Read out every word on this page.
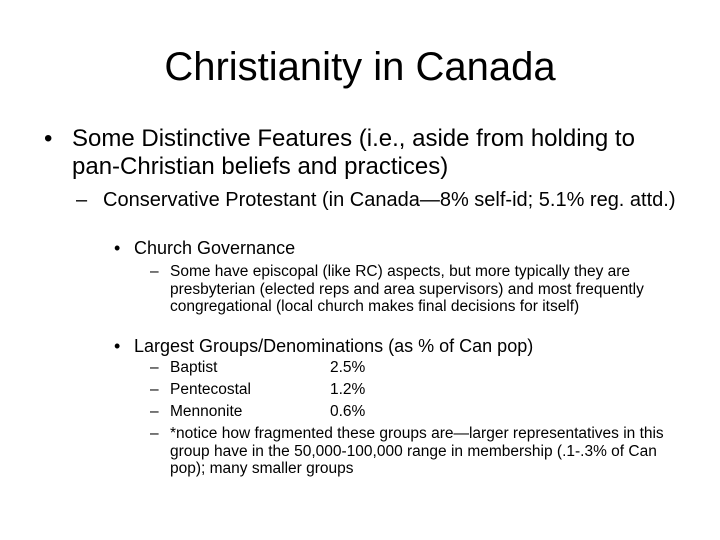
Christianity in Canada
• Some Distinctive Features (i.e., aside from holding to pan-Christian beliefs and practices)
– Conservative Protestant (in Canada—8% self-id; 5.1% reg. attd.)
• Church Governance
– Some have episcopal (like RC) aspects, but more typically they are presbyterian (elected reps and area supervisors) and most frequently congregational (local church makes final decisions for itself)
• Largest Groups/Denominations (as % of Can pop)
– Baptist	2.5%
– Pentecostal	1.2%
– Mennonite	0.6%
– *notice how fragmented these groups are—larger representatives in this group have in the 50,000-100,000 range in membership (.1-.3% of Can pop); many smaller groups
